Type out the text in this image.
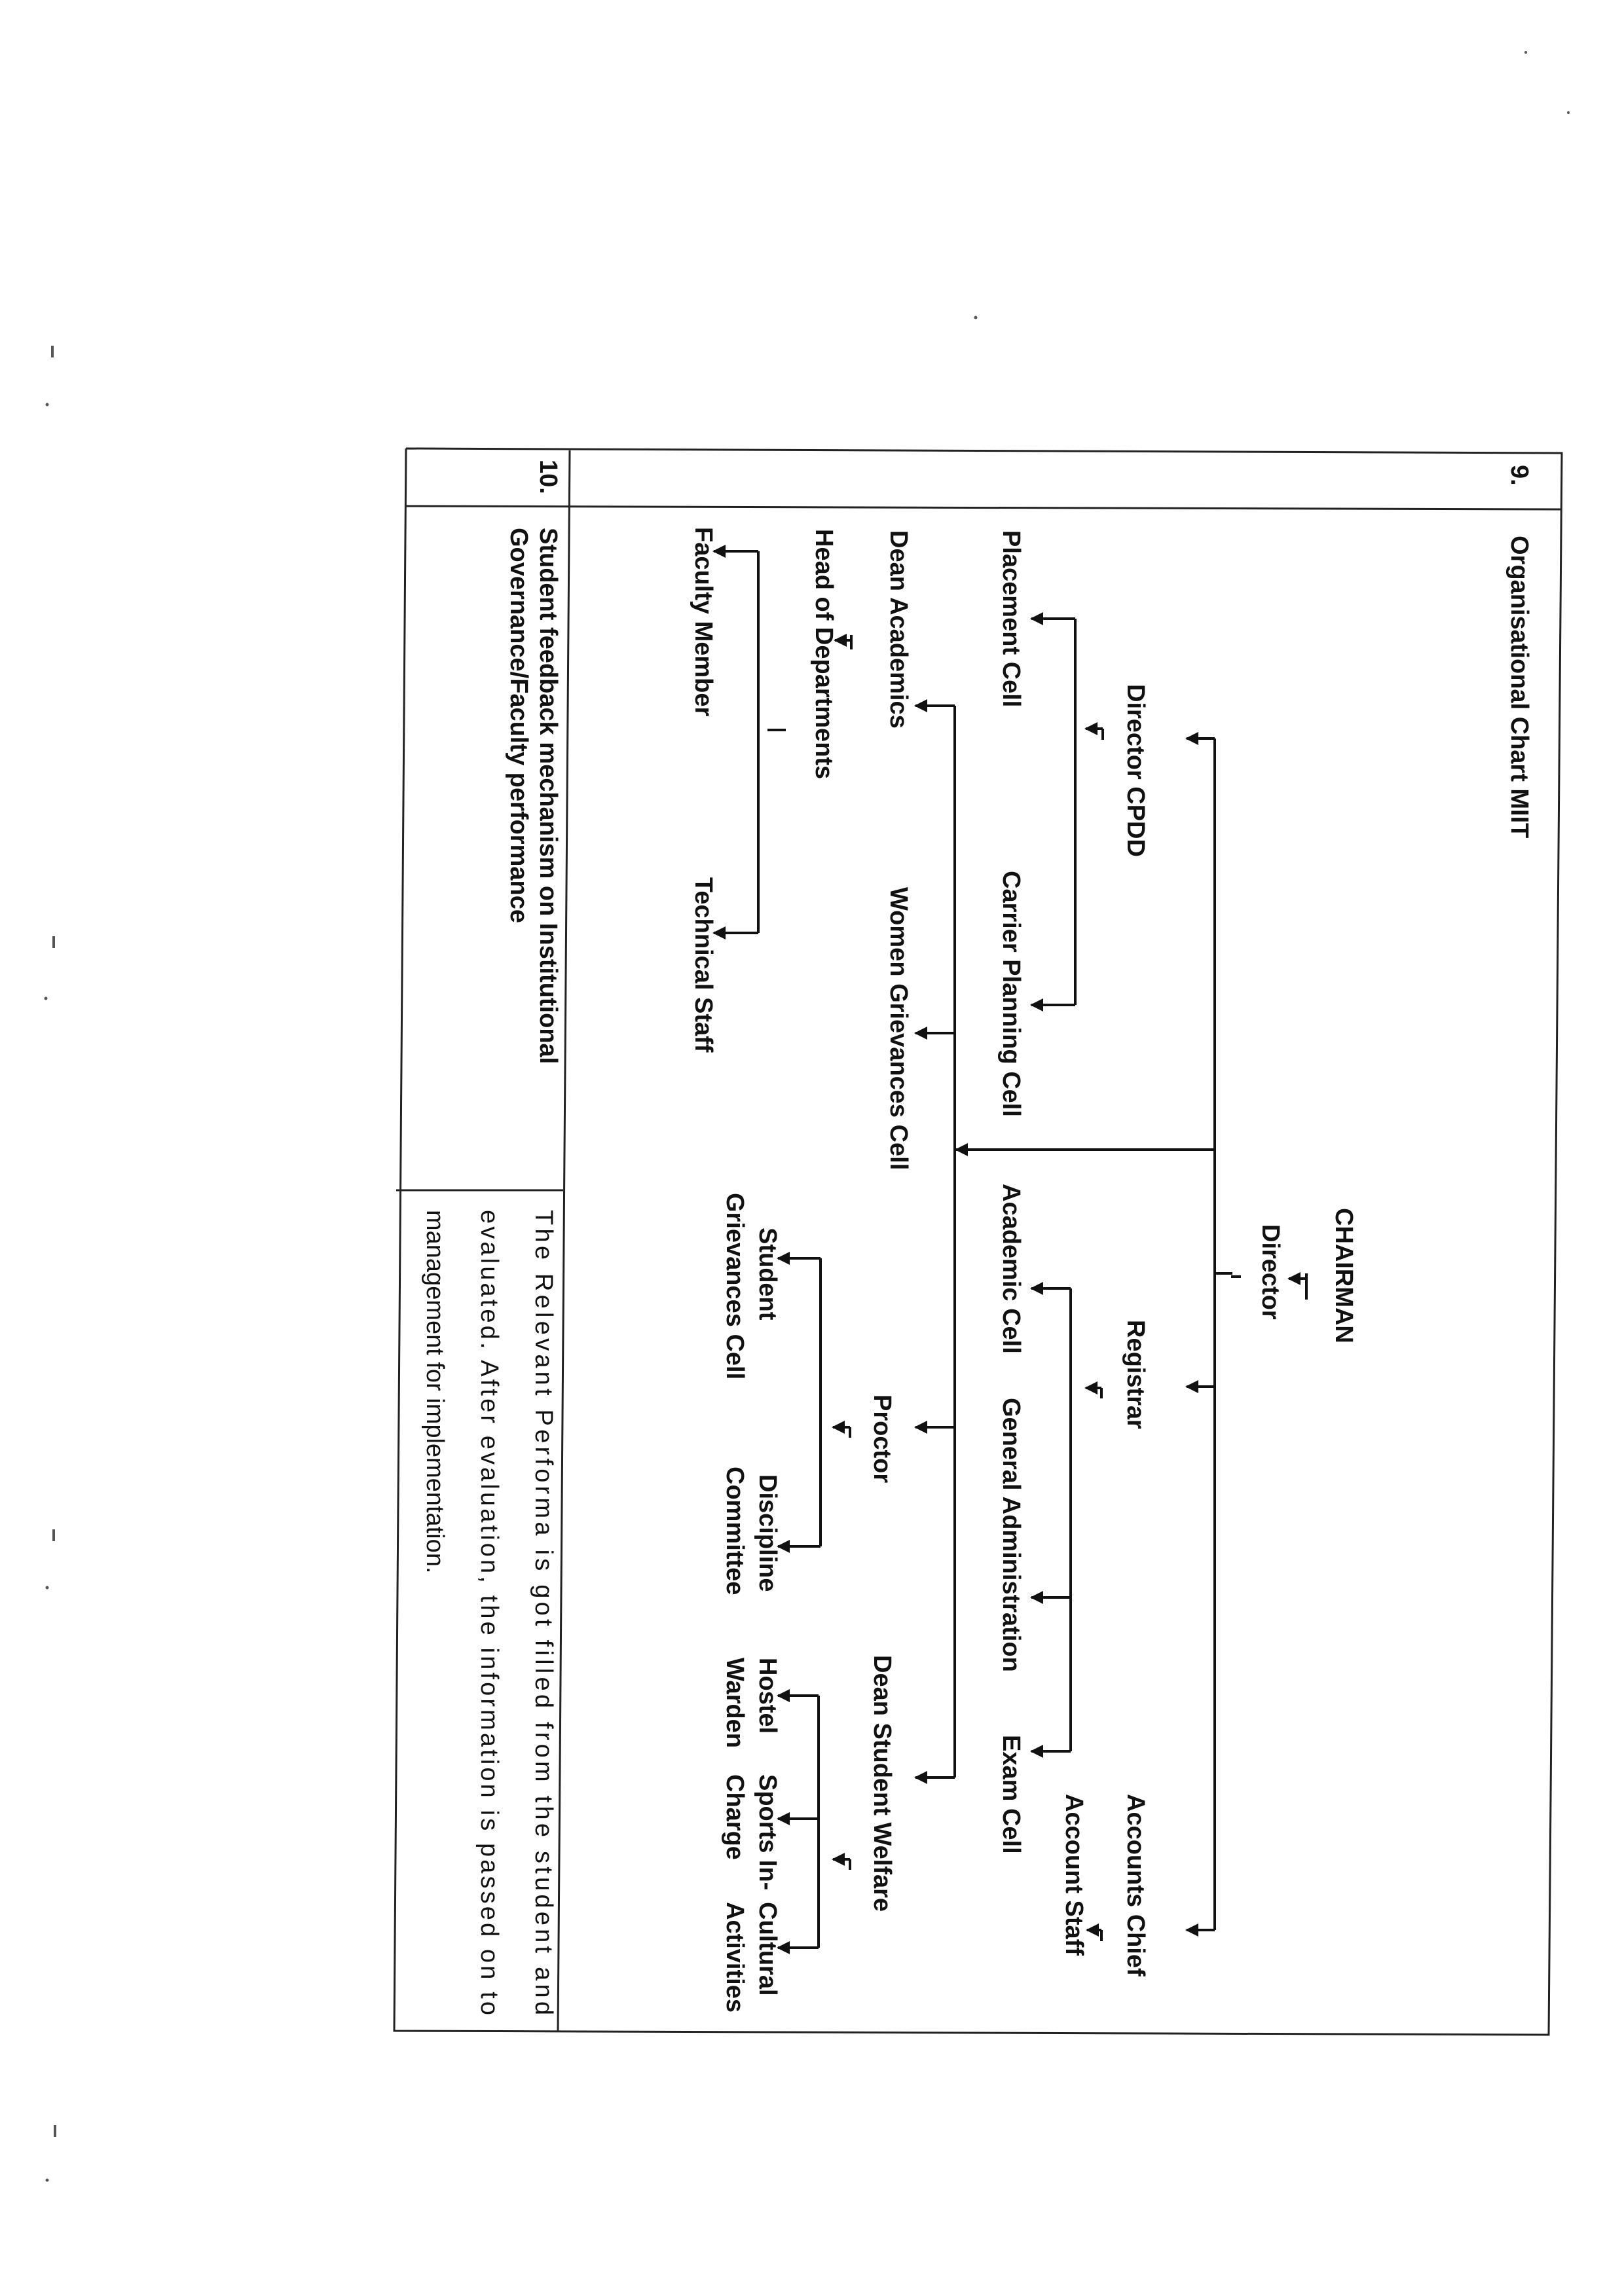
9.
Organisational Chart MIIT
10.
Student feedback mechanism on Institutional
Governance/Faculty performance
The Relevant Performa is got filled from the student and
evaluated. After evaluation, the information is passed on to
management for implementation.	CHAIRMAN
Director
Director CPDD
Placement Cell
Carrier Planning Cell
Registrar
Academic Cell
General Administration
Exam Cell	Accounts Chief
Account Staff
Dean Academics
Women Grievances Cell
Head of Departments
Faculty Member
Technical Staff
Proctor
Student
Grievances Cell
Discipline
Committee
Dean Student Welfare
Hostel
Warden
Sports In-
Charge
Cultural
Activities
